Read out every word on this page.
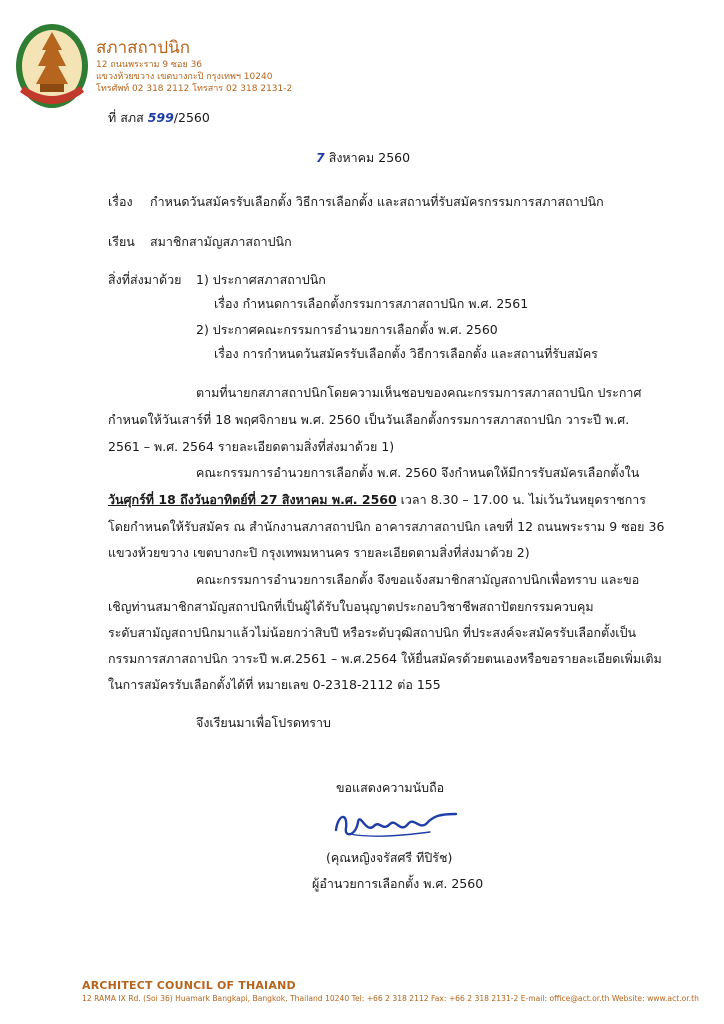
สภาสถาปนิก
12 ถนนพระราม 9 ซอย 36
แขวงห้วยขวาง เขตบางกะปิ กรุงเทพฯ 10240
โทรศัพท์ 02 318 2112 โทรสาร 02 318 2131-2
ที่ สภส 599/2560
7 สิงหาคม 2560
เรื่อง กำหนดวันสมัครรับเลือกตั้ง วิธีการเลือกตั้ง และสถานที่รับสมัครกรรมการสภาสถาปนิก
เรียน สมาชิกสามัญสภาสถาปนิก
สิ่งที่ส่งมาด้วย 1) ประกาศสภาสถาปนิก
เรื่อง กำหนดการเลือกตั้งกรรมการสภาสถาปนิก พ.ศ. 2561
2) ประกาศคณะกรรมการอำนวยการเลือกตั้ง พ.ศ. 2560
เรื่อง การกำหนดวันสมัครรับเลือกตั้ง วิธีการเลือกตั้ง และสถานที่รับสมัคร
ตามที่นายกสภาสถาปนิกโดยความเห็นชอบของคณะกรรมการสภาสถาปนิก ประกาศ
กำหนดให้วันเสาร์ที่ 18 พฤศจิกายน พ.ศ. 2560 เป็นวันเลือกตั้งกรรมการสภาสถาปนิก วาระปี พ.ศ.
2561 – พ.ศ. 2564 รายละเอียดตามสิ่งที่ส่งมาด้วย 1)
คณะกรรมการอำนวยการเลือกตั้ง พ.ศ. 2560 จึงกำหนดให้มีการรับสมัครเลือกตั้งใน
วันศุกร์ที่ 18 ถึงวันอาทิตย์ที่ 27 สิงหาคม พ.ศ. 2560 เวลา 8.30 – 17.00 น. ไม่เว้นวันหยุดราชการ
โดยกำหนดให้รับสมัคร ณ สำนักงานสภาสถาปนิก อาคารสภาสถาปนิก เลขที่ 12 ถนนพระราม 9 ซอย 36
แขวงห้วยขวาง เขตบางกะปิ กรุงเทพมหานคร รายละเอียดตามสิ่งที่ส่งมาด้วย 2)
คณะกรรมการอำนวยการเลือกตั้ง จึงขอแจ้งสมาชิกสามัญสถาปนิกเพื่อทราบ และขอ
เชิญท่านสมาชิกสามัญสถาปนิกที่เป็นผู้ได้รับใบอนุญาตประกอบวิชาชีพสถาปัตยกรรมควบคุม
ระดับสามัญสถาปนิกมาแล้วไม่น้อยกว่าสิบปี หรือระดับวุฒิสถาปนิก ที่ประสงค์จะสมัครรับเลือกตั้งเป็น
กรรมการสภาสถาปนิก วาระปี พ.ศ.2561 – พ.ศ.2564 ให้ยื่นสมัครด้วยตนเองหรือขอรายละเอียดเพิ่มเติม
ในการสมัครรับเลือกตั้งได้ที่ หมายเลข 0-2318-2112 ต่อ 155
จึงเรียนมาเพื่อโปรดทราบ
ขอแสดงความนับถือ
(คุณหญิงจรัสศรี ทีปิรัช)
ผู้อำนวยการเลือกตั้ง พ.ศ. 2560
ARCHITECT COUNCIL OF THAIAND
12 RAMA IX Rd. (Soi 36) Huamark Bangkapi, Bangkok, Thailand 10240 Tel: +66 2 318 2112 Fax: +66 2 318 2131-2 E-mail: office@act.or.th Website: www.act.or.th
